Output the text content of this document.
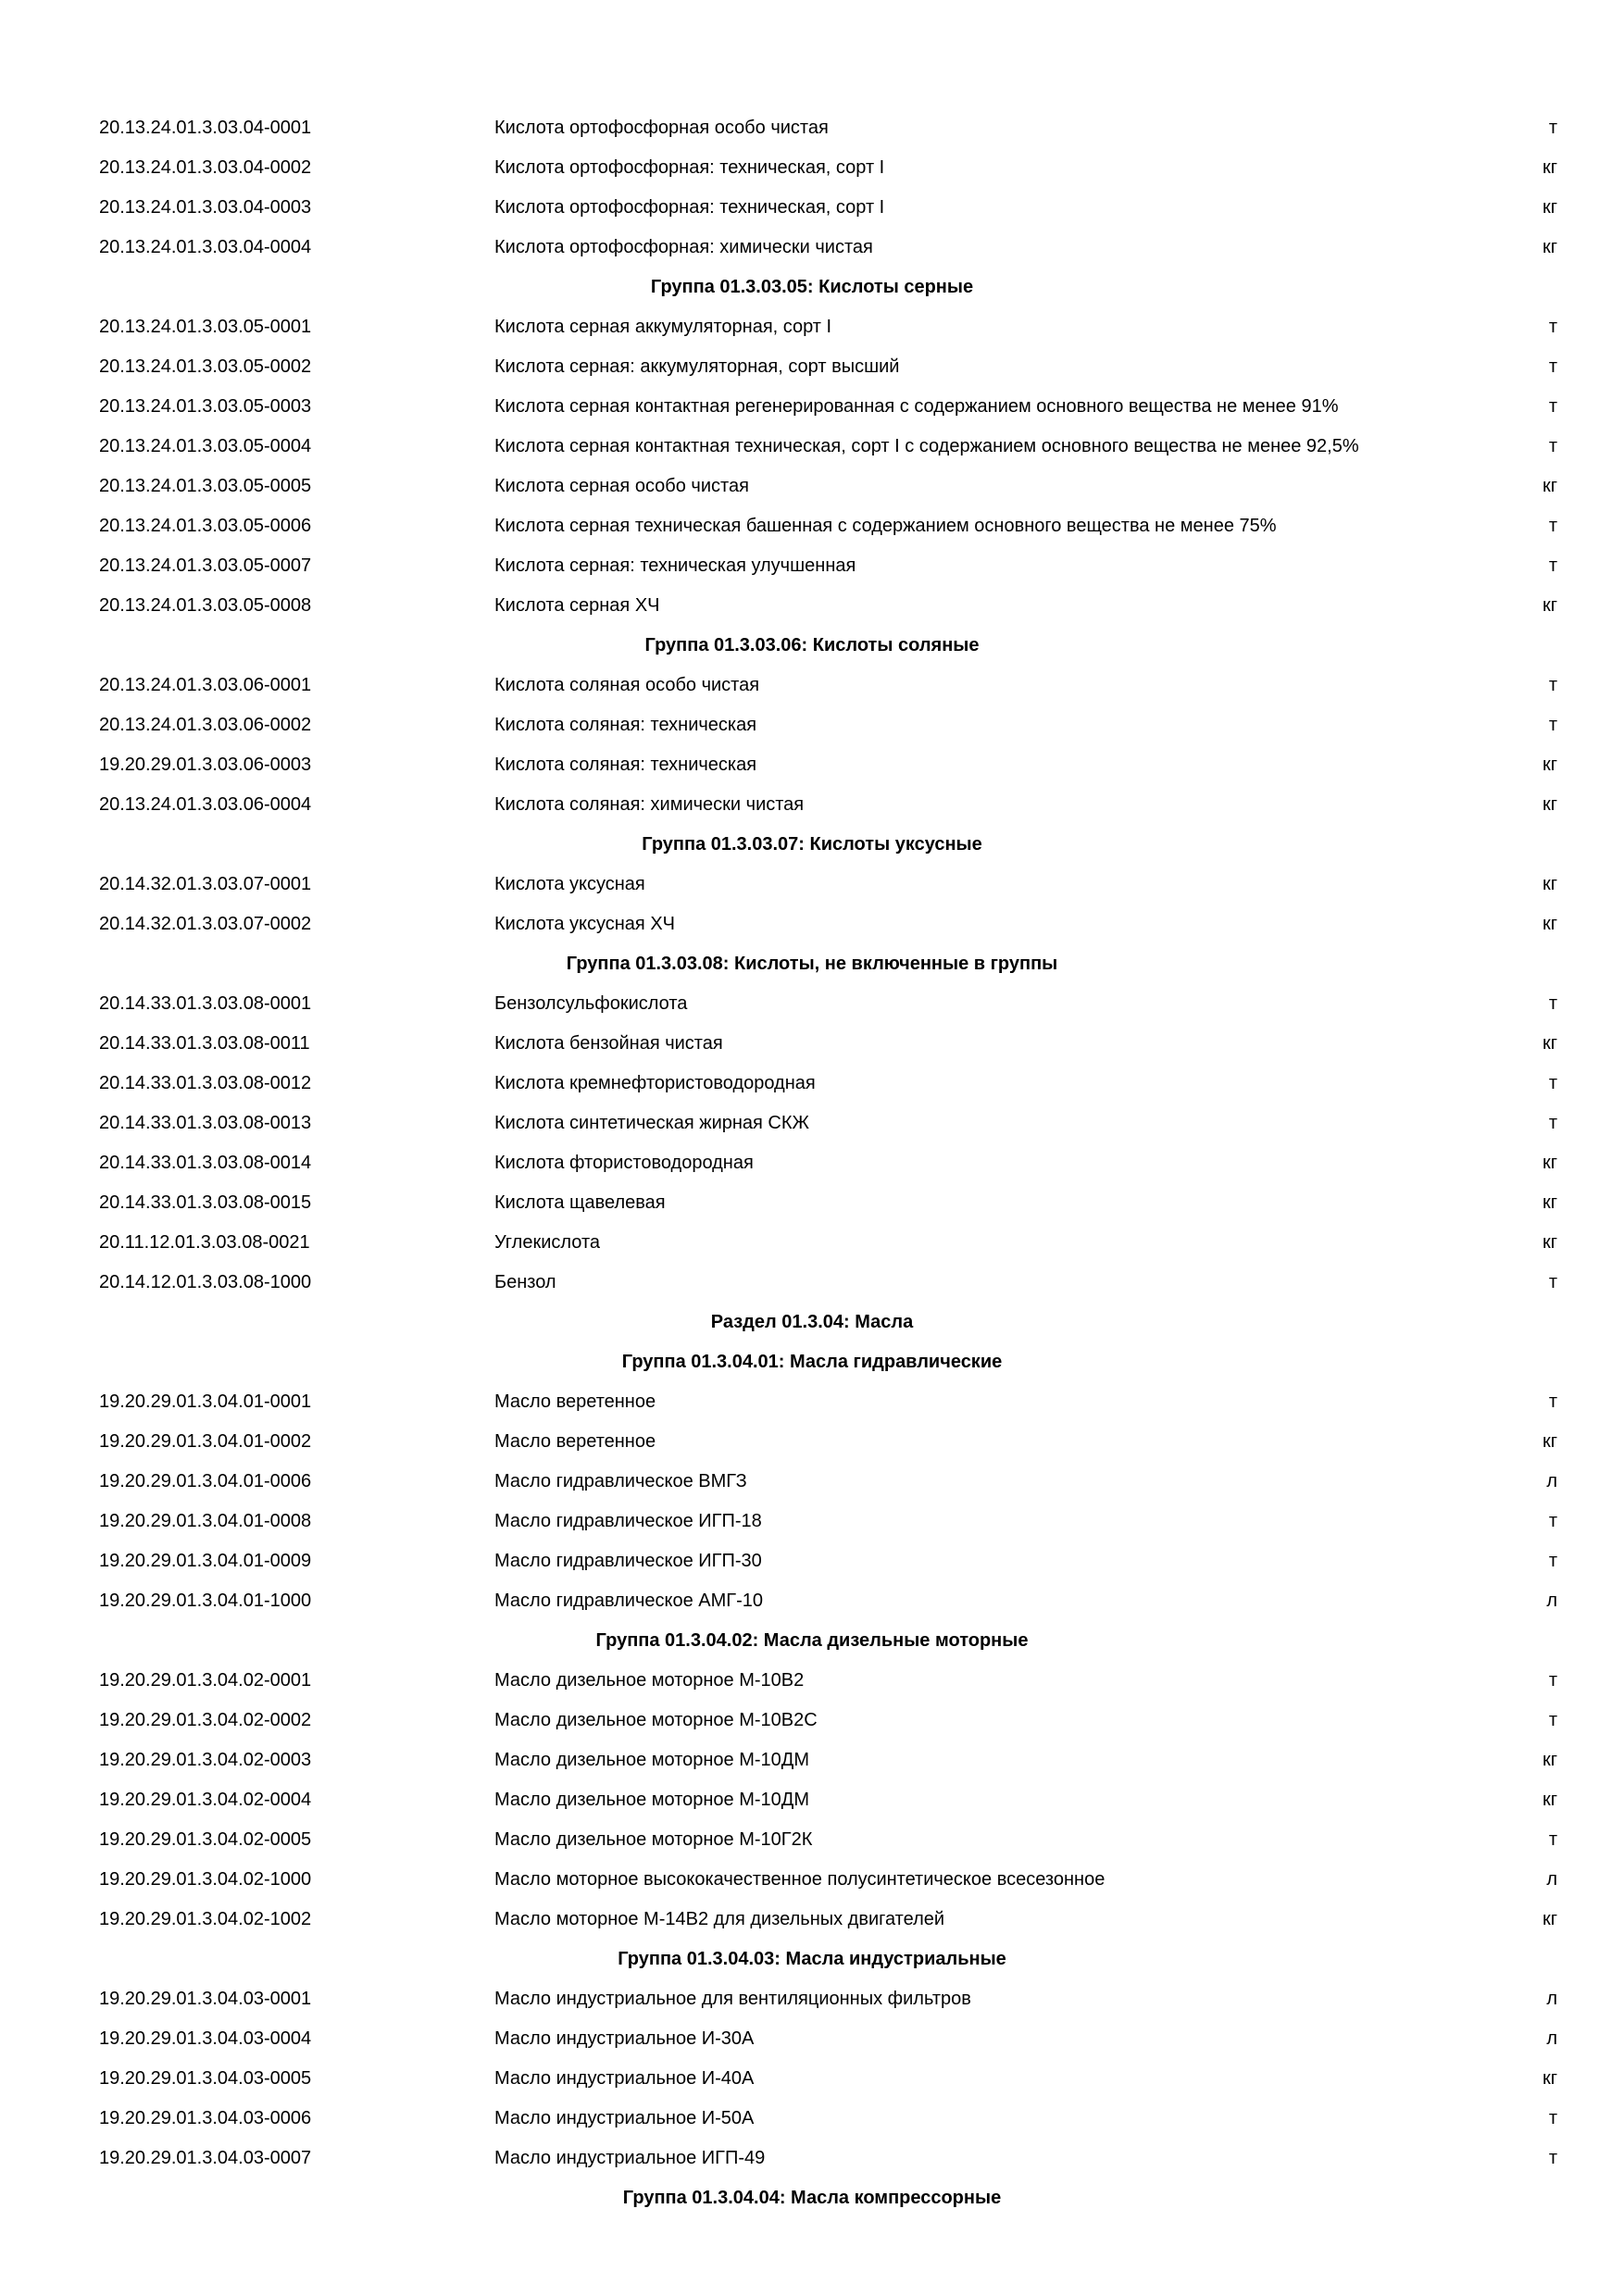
20.13.24.01.3.03.04-0001	Кислота ортофосфорная особо чистая	т
20.13.24.01.3.03.04-0002	Кислота ортофосфорная: техническая, сорт I	кг
20.13.24.01.3.03.04-0003	Кислота ортофосфорная: техническая, сорт I	кг
20.13.24.01.3.03.04-0004	Кислота ортофосфорная: химически чистая	кг
Группа 01.3.03.05: Кислоты серные
20.13.24.01.3.03.05-0001	Кислота серная аккумуляторная, сорт I	т
20.13.24.01.3.03.05-0002	Кислота серная: аккумуляторная, сорт высший	т
20.13.24.01.3.03.05-0003	Кислота серная контактная регенерированная с содержанием основного вещества не менее 91%	т
20.13.24.01.3.03.05-0004	Кислота серная контактная техническая, сорт I с содержанием основного вещества не менее 92,5%	т
20.13.24.01.3.03.05-0005	Кислота серная особо чистая	кг
20.13.24.01.3.03.05-0006	Кислота серная техническая башенная с содержанием основного вещества не менее 75%	т
20.13.24.01.3.03.05-0007	Кислота серная: техническая улучшенная	т
20.13.24.01.3.03.05-0008	Кислота серная ХЧ	кг
Группа 01.3.03.06: Кислоты соляные
20.13.24.01.3.03.06-0001	Кислота соляная особо чистая	т
20.13.24.01.3.03.06-0002	Кислота соляная: техническая	т
19.20.29.01.3.03.06-0003	Кислота соляная: техническая	кг
20.13.24.01.3.03.06-0004	Кислота соляная: химически чистая	кг
Группа 01.3.03.07: Кислоты уксусные
20.14.32.01.3.03.07-0001	Кислота уксусная	кг
20.14.32.01.3.03.07-0002	Кислота уксусная ХЧ	кг
Группа 01.3.03.08: Кислоты, не включенные в группы
20.14.33.01.3.03.08-0001	Бензолсульфокислота	т
20.14.33.01.3.03.08-0011	Кислота бензойная чистая	кг
20.14.33.01.3.03.08-0012	Кислота кремнефтористоводородная	т
20.14.33.01.3.03.08-0013	Кислота синтетическая жирная СКЖ	т
20.14.33.01.3.03.08-0014	Кислота фтористоводородная	кг
20.14.33.01.3.03.08-0015	Кислота щавелевая	кг
20.11.12.01.3.03.08-0021	Углекислота	кг
20.14.12.01.3.03.08-1000	Бензол	т
Раздел 01.3.04: Масла
Группа 01.3.04.01: Масла гидравлические
19.20.29.01.3.04.01-0001	Масло веретенное	т
19.20.29.01.3.04.01-0002	Масло веретенное	кг
19.20.29.01.3.04.01-0006	Масло гидравлическое ВМГЗ	л
19.20.29.01.3.04.01-0008	Масло гидравлическое ИГП-18	т
19.20.29.01.3.04.01-0009	Масло гидравлическое ИГП-30	т
19.20.29.01.3.04.01-1000	Масло гидравлическое АМГ-10	л
Группа 01.3.04.02: Масла дизельные моторные
19.20.29.01.3.04.02-0001	Масло дизельное моторное М-10В2	т
19.20.29.01.3.04.02-0002	Масло дизельное моторное М-10В2С	т
19.20.29.01.3.04.02-0003	Масло дизельное моторное М-10ДМ	кг
19.20.29.01.3.04.02-0004	Масло дизельное моторное М-10ДМ	кг
19.20.29.01.3.04.02-0005	Масло дизельное моторное М-10Г2К	т
19.20.29.01.3.04.02-1000	Масло моторное высококачественное полусинтетическое всесезонное	л
19.20.29.01.3.04.02-1002	Масло моторное М-14В2 для дизельных двигателей	кг
Группа 01.3.04.03: Масла индустриальные
19.20.29.01.3.04.03-0001	Масло индустриальное для вентиляционных фильтров	л
19.20.29.01.3.04.03-0004	Масло индустриальное И-30А	л
19.20.29.01.3.04.03-0005	Масло индустриальное И-40А	кг
19.20.29.01.3.04.03-0006	Масло индустриальное И-50А	т
19.20.29.01.3.04.03-0007	Масло индустриальное ИГП-49	т
Группа 01.3.04.04: Масла компрессорные
